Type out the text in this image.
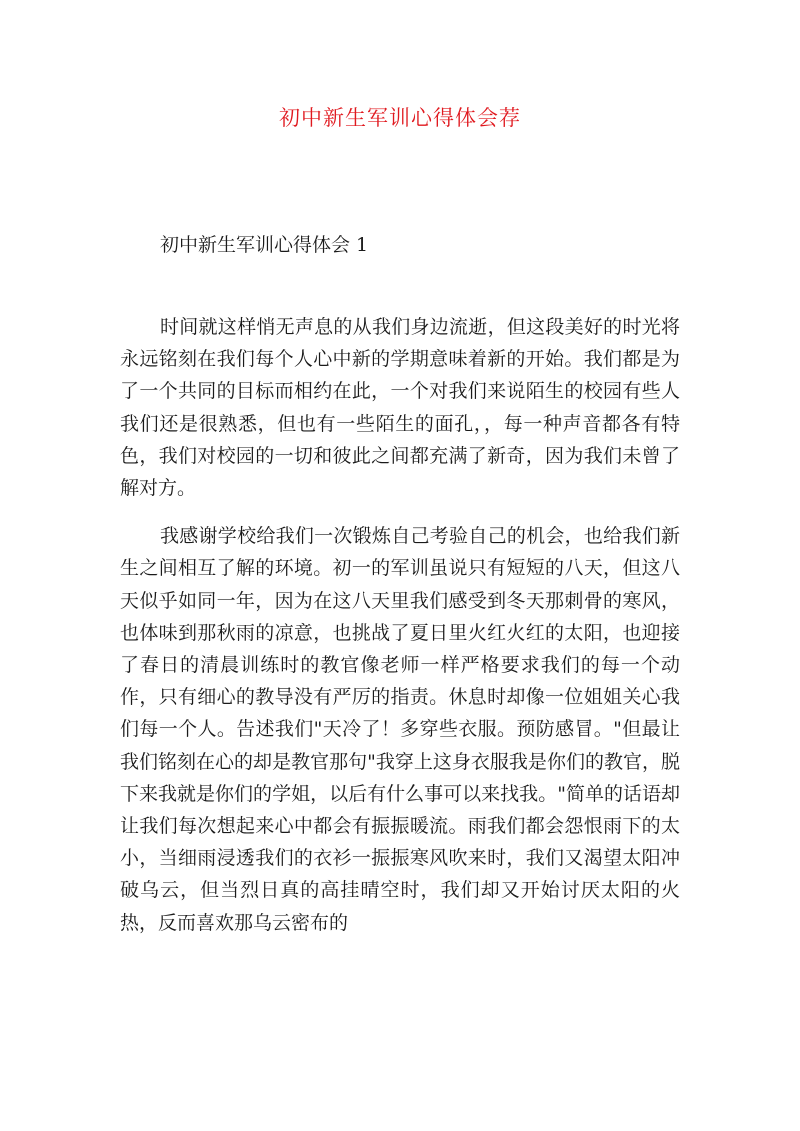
初中新生军训心得体会荐
初中新生军训心得体会 1

时间就这样悄无声息的从我们身边流逝，但这段美好的时光将永远铭刻在我们每个人心中新的学期意味着新的开始。我们都是为了一个共同的目标而相约在此，一个对我们来说陌生的校园有些人我们还是很熟悉，但也有一些陌生的面孔，，每一种声音都各有特色，我们对校园的一切和彼此之间都充满了新奇，因为我们未曾了解对方。

我感谢学校给我们一次锻炼自己考验自己的机会，也给我们新生之间相互了解的环境。初一的军训虽说只有短短的八天，但这八天似乎如同一年，因为在这八天里我们感受到冬天那刺骨的寒风，也体味到那秋雨的凉意，也挑战了夏日里火红火红的太阳，也迎接了春日的清晨训练时的教官像老师一样严格要求我们的每一个动作，只有细心的教导没有严厉的指责。休息时却像一位姐姐关心我们每一个人。告述我们"天冷了！多穿些衣服。预防感冒。"但最让我们铭刻在心的却是教官那句"我穿上这身衣服我是你们的教官，脱下来我就是你们的学姐，以后有什么事可以来找我。"简单的话语却让我们每次想起来心中都会有振振暖流。雨我们都会怨恨雨下的太小，当细雨浸透我们的衣衫一振振寒风吹来时，我们又渴望太阳冲破乌云，但当烈日真的高挂晴空时，我们却又开始讨厌太阳的火热，反而喜欢那乌云密布的
